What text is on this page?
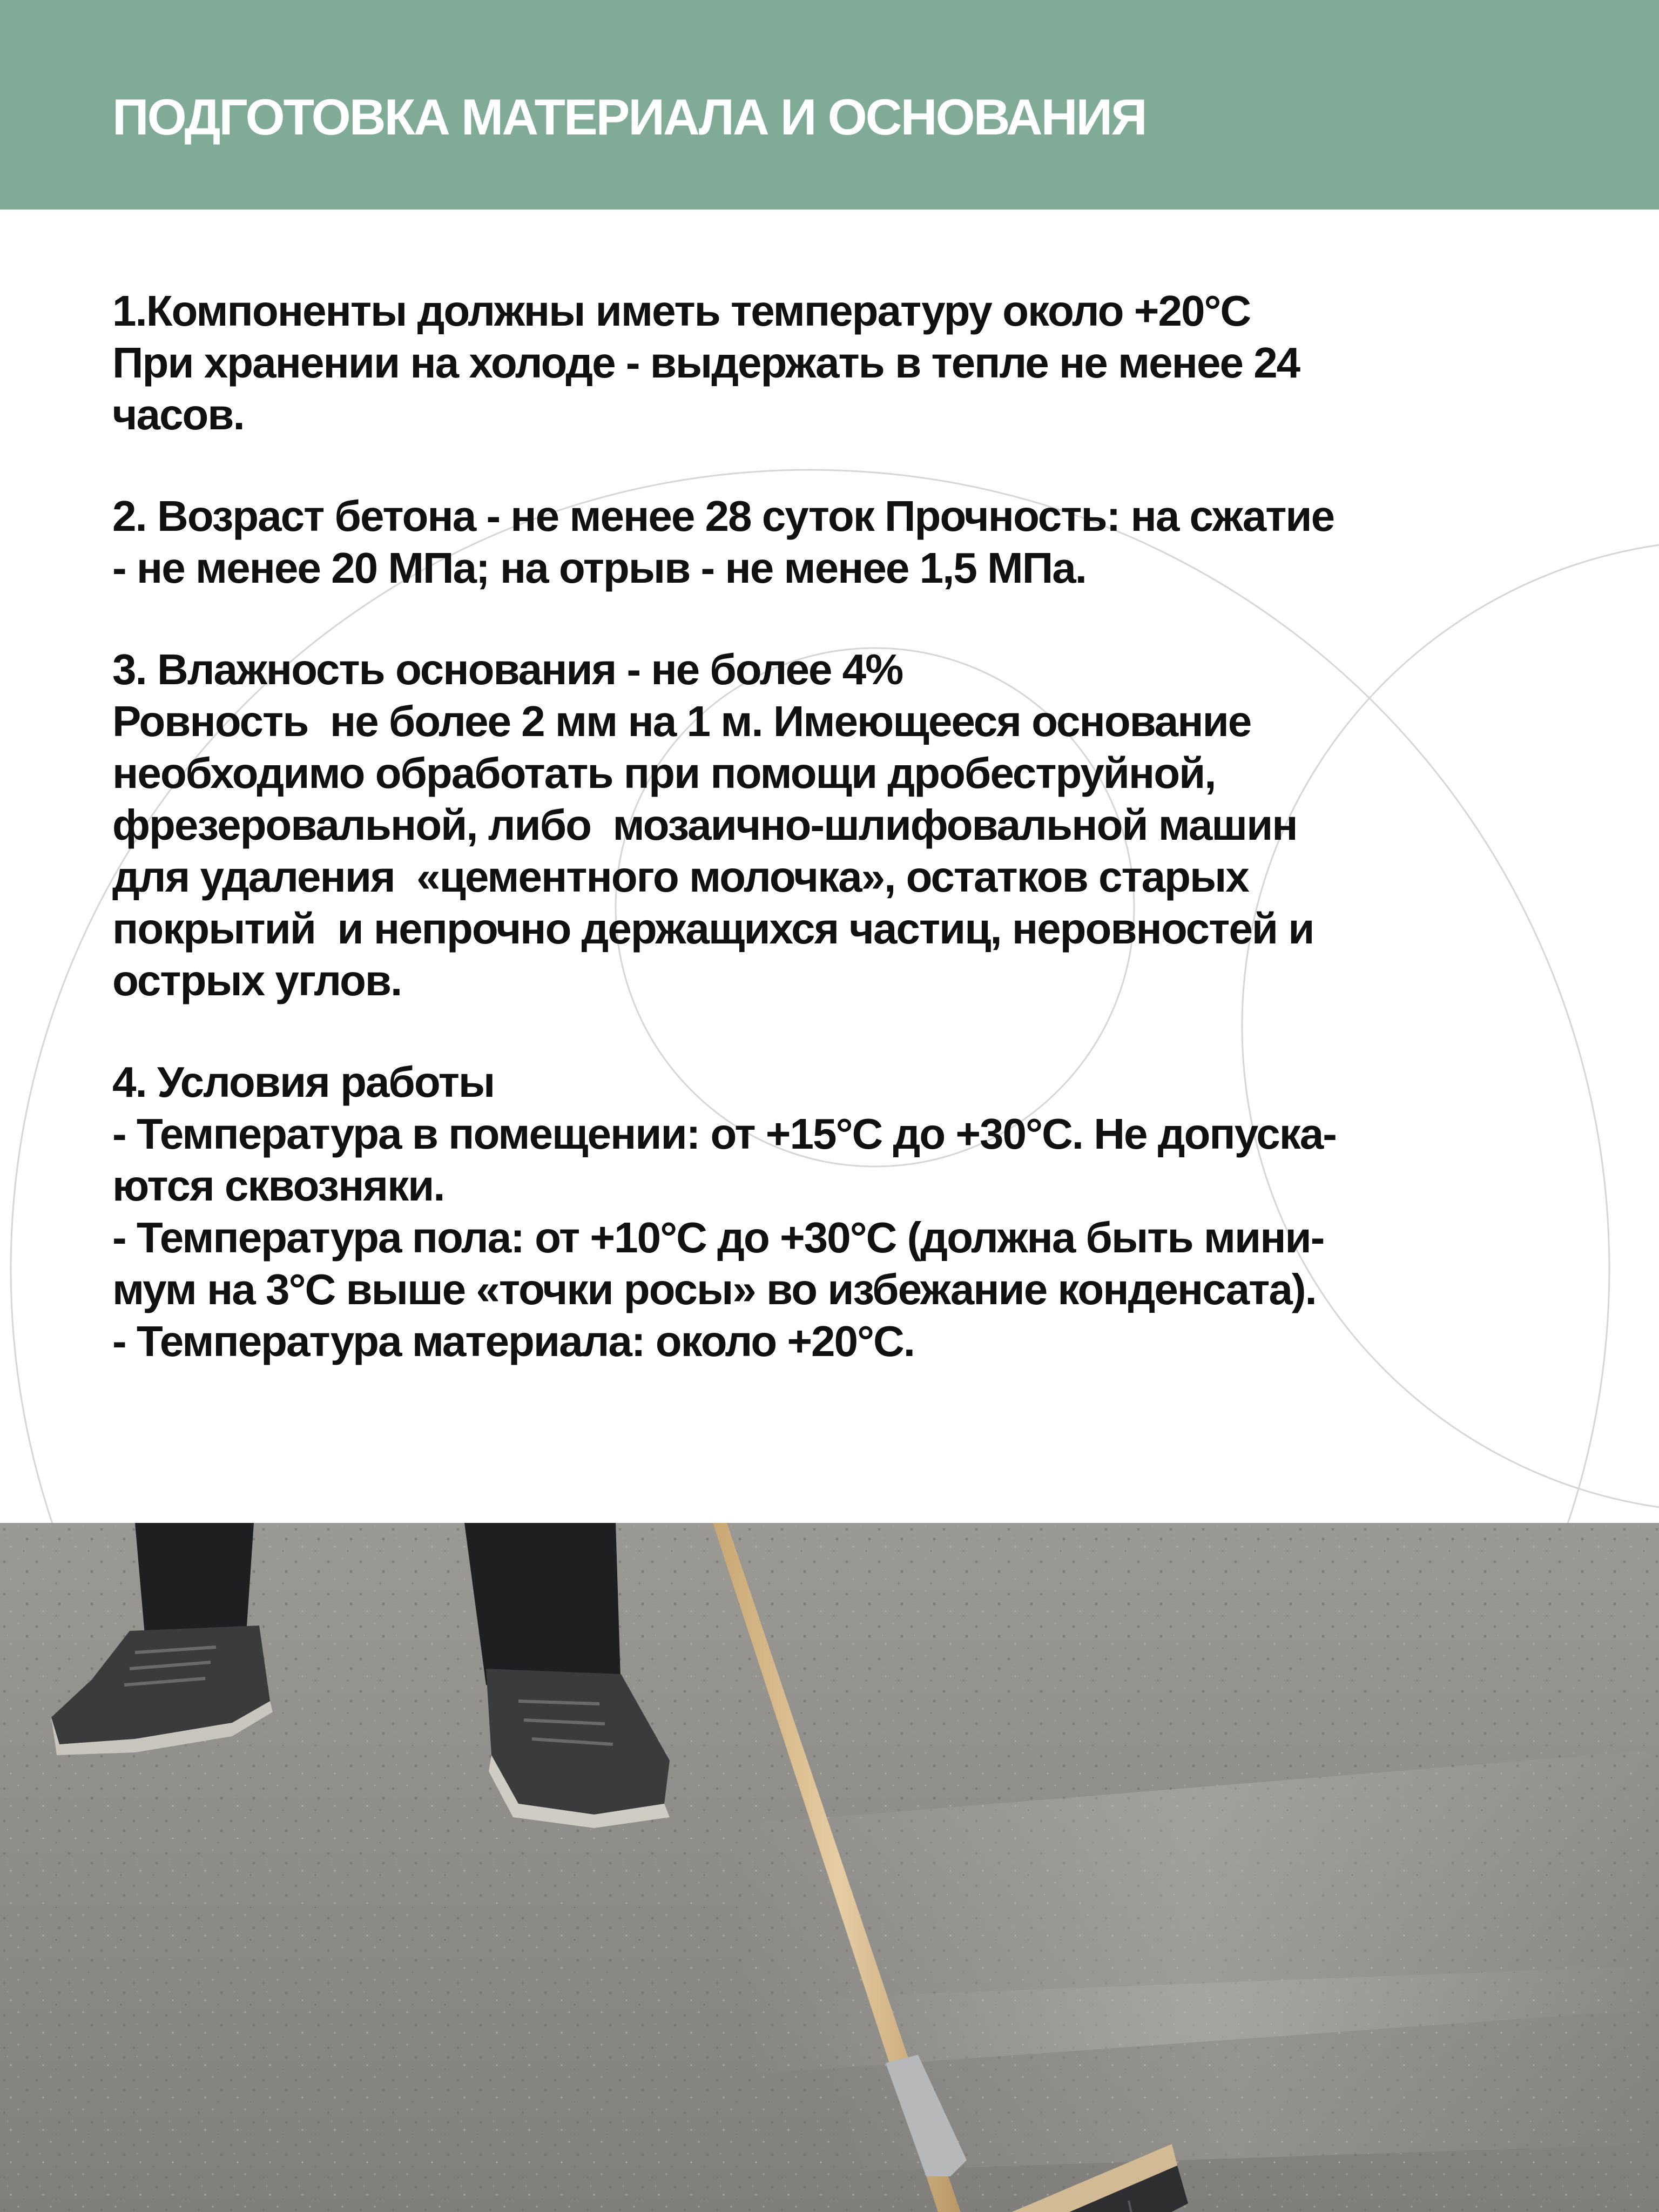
ПОДГОТОВКА МАТЕРИАЛА И ОСНОВАНИЯ
1.Компоненты должны иметь температуру около +20°С
При хранении на холоде - выдержать в тепле не менее 24
часов.
2. Возраст бетона - не менее 28 суток Прочность: на сжатие
- не менее 20 МПа; на отрыв - не менее 1,5 МПа.
3. Влажность основания - не более 4%
Ровность  не более 2 мм на 1 м. Имеющееся основание
необходимо обработать при помощи дробеструйной,
фрезеровальной, либо  мозаично-шлифовальной машин
для удаления  «цементного молочка», остатков старых
покрытий  и непрочно держащихся частиц, неровностей и
острых углов.
4. Условия работы
- Температура в помещении: от +15°С до +30°С. Не допуска-
ются сквозняки.
- Температура пола: от +10°С до +30°С (должна быть мини-
мум на 3°С выше «точки росы» во избежание конденсата).
- Температура материала: около +20°С.
